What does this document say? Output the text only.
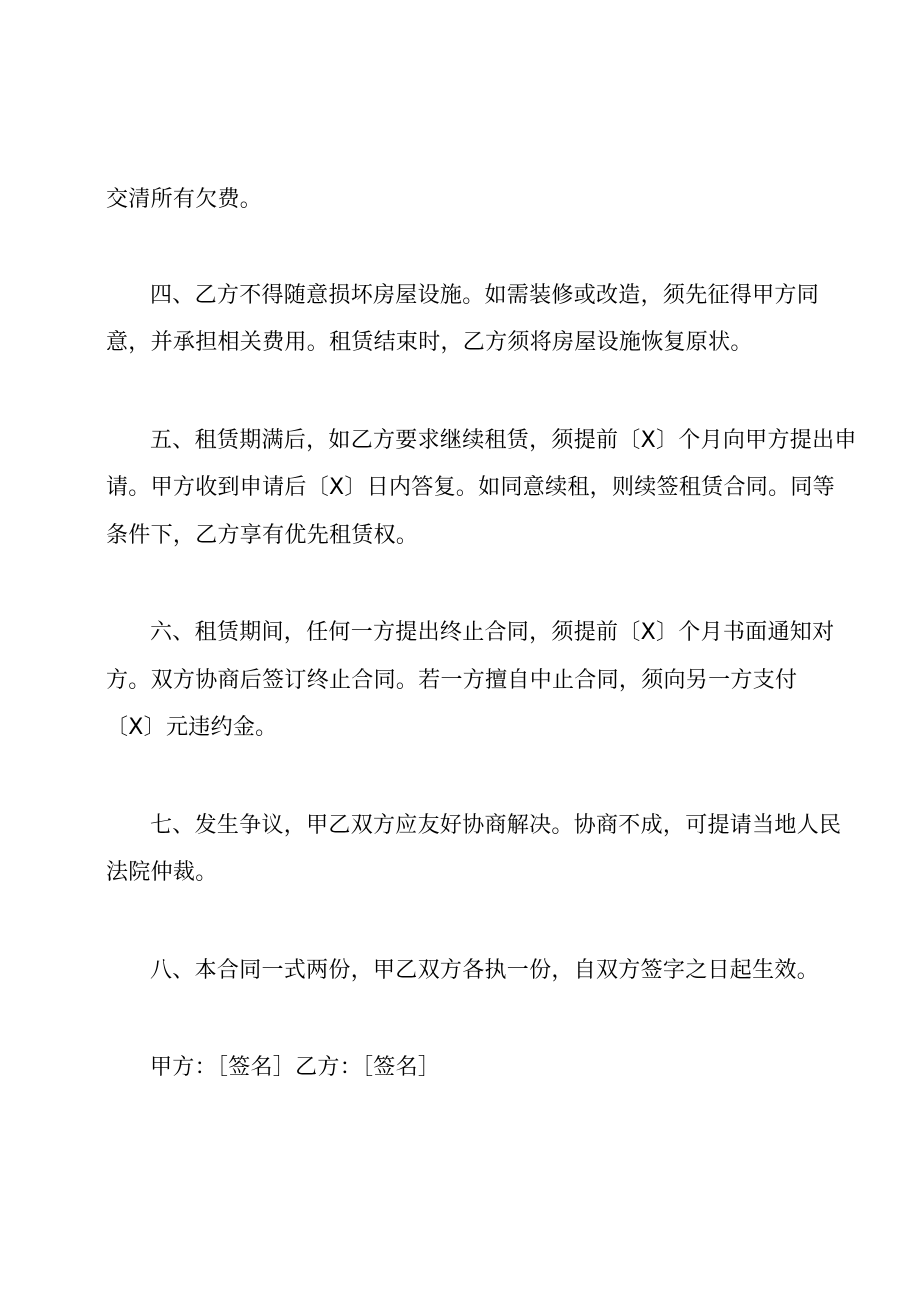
交清所有欠费。
四、乙方不得随意损坏房屋设施。如需装修或改造，须先征得甲方同
意，并承担相关费用。租赁结束时，乙方须将房屋设施恢复原状。
五、租赁期满后，如乙方要求继续租赁，须提前〔X〕个月向甲方提出申
请。甲方收到申请后〔X〕日内答复。如同意续租，则续签租赁合同。同等
条件下，乙方享有优先租赁权。
六、租赁期间，任何一方提出终止合同，须提前〔X〕个月书面通知对
方。双方协商后签订终止合同。若一方擅自中止合同，须向另一方支付
〔X〕元违约金。
七、发生争议，甲乙双方应友好协商解决。协商不成，可提请当地人民
法院仲裁。
八、本合同一式两份，甲乙双方各执一份，自双方签字之日起生效。
甲方：［签名］乙方：［签名］
